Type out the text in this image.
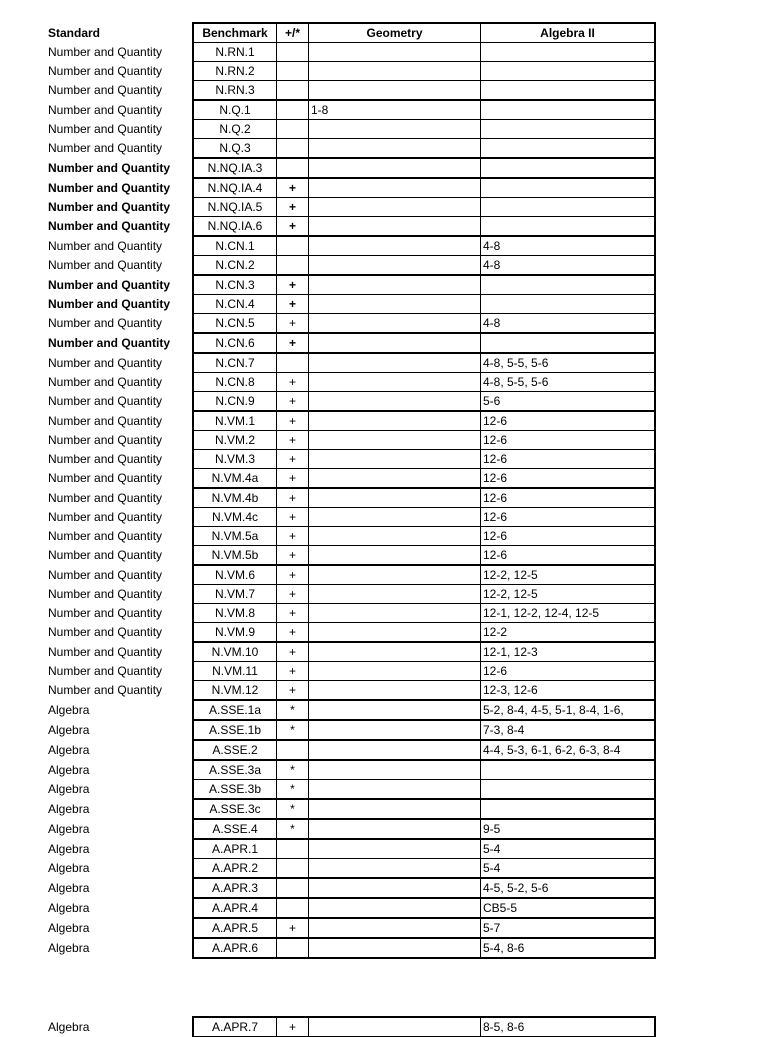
Standard	Benchmark	+/*	Geometry	Algebra II
Number and Quantity	N.RN.1			
Number and Quantity	N.RN.2			
Number and Quantity	N.RN.3			
Number and Quantity	N.Q.1		1-8	
Number and Quantity	N.Q.2			
Number and Quantity	N.Q.3			
Number and Quantity	N.NQ.IA.3			
Number and Quantity	N.NQ.IA.4	+		
Number and Quantity	N.NQ.IA.5	+		
Number and Quantity	N.NQ.IA.6	+		
Number and Quantity	N.CN.1			4-8
Number and Quantity	N.CN.2			4-8
Number and Quantity	N.CN.3	+		
Number and Quantity	N.CN.4	+		
Number and Quantity	N.CN.5	+		4-8
Number and Quantity	N.CN.6	+		
Number and Quantity	N.CN.7			4-8, 5-5, 5-6
Number and Quantity	N.CN.8	+		4-8, 5-5, 5-6
Number and Quantity	N.CN.9	+		5-6
Number and Quantity	N.VM.1	+		12-6
Number and Quantity	N.VM.2	+		12-6
Number and Quantity	N.VM.3	+		12-6
Number and Quantity	N.VM.4a	+		12-6
Number and Quantity	N.VM.4b	+		12-6
Number and Quantity	N.VM.4c	+		12-6
Number and Quantity	N.VM.5a	+		12-6
Number and Quantity	N.VM.5b	+		12-6
Number and Quantity	N.VM.6	+		12-2, 12-5
Number and Quantity	N.VM.7	+		12-2, 12-5
Number and Quantity	N.VM.8	+		12-1, 12-2, 12-4, 12-5
Number and Quantity	N.VM.9	+		12-2
Number and Quantity	N.VM.10	+		12-1, 12-3
Number and Quantity	N.VM.11	+		12-6
Number and Quantity	N.VM.12	+		12-3, 12-6
Algebra	A.SSE.1a	*		5-2, 8-4, 4-5, 5-1, 8-4, 1-6,
Algebra	A.SSE.1b	*		7-3, 8-4
Algebra	A.SSE.2			4-4, 5-3, 6-1, 6-2, 6-3, 8-4
Algebra	A.SSE.3a	*		
Algebra	A.SSE.3b	*		
Algebra	A.SSE.3c	*		
Algebra	A.SSE.4	*		9-5
Algebra	A.APR.1			5-4
Algebra	A.APR.2			5-4
Algebra	A.APR.3			4-5, 5-2, 5-6
Algebra	A.APR.4			CB5-5
Algebra	A.APR.5	+		5-7
Algebra	A.APR.6			5-4, 8-6
Algebra	A.APR.7	+		8-5, 8-6
